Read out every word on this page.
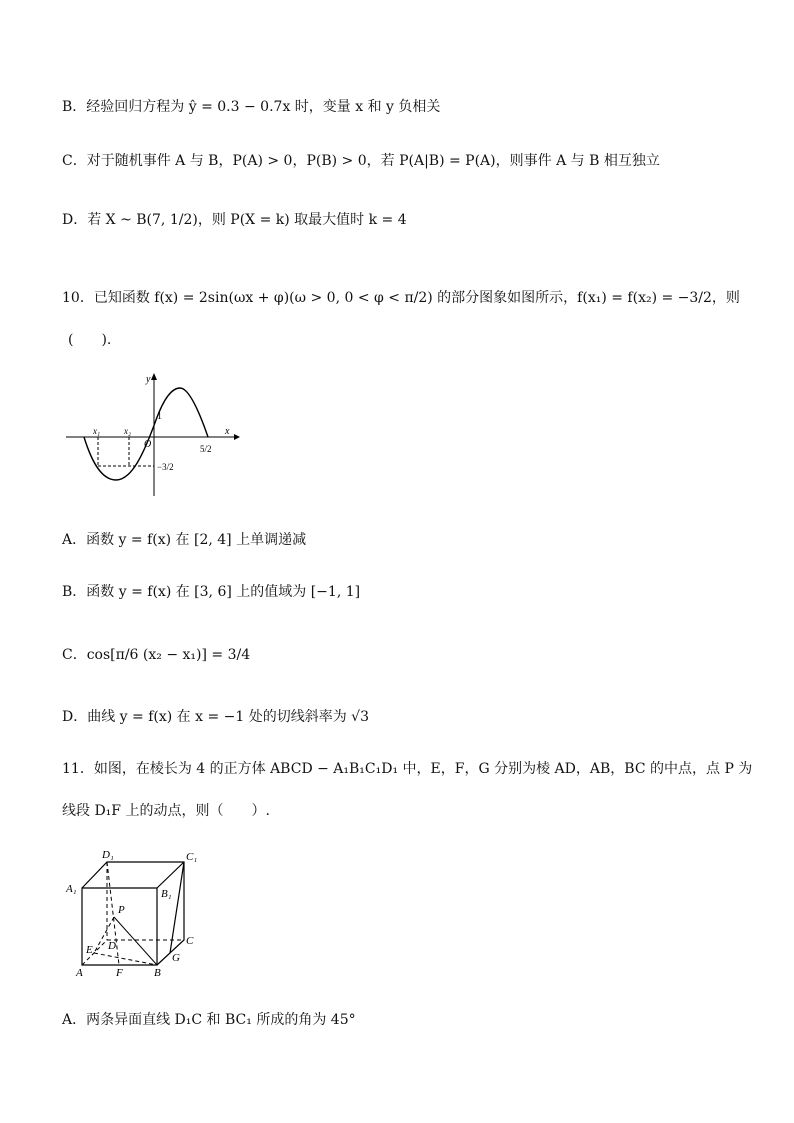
B．经验回归方程为 ŷ = 0.3 − 0.7x 时，变量 x 和 y 负相关
C．对于随机事件 A 与 B，P(A) > 0，P(B) > 0，若 P(A|B) = P(A)，则事件 A 与 B 相互独立
D．若 X ~ B(7, 1/2)，则 P(X = k) 取最大值时 k = 4
10．已知函数 f(x) = 2sin(ωx + φ)(ω > 0, 0 < φ < π/2) 的部分图象如图所示，f(x₁) = f(x₂) = −3/2，则
(　　).
y
x
O
1
x₁	x₂
5/2
−3/2
A．函数 y = f(x) 在 [2, 4] 上单调递减
B．函数 y = f(x) 在 [3, 6] 上的值域为 [−1, 1]
C．cos[π/6 (x₂ − x₁)] = 3/4
D．曲线 y = f(x) 在 x = −1 处的切线斜率为 √3
11．如图，在棱长为 4 的正方体 ABCD − A₁B₁C₁D₁ 中，E，F，G 分别为棱 AD，AB，BC 的中点，点 P 为
线段 D₁F 上的动点，则（　　）.
D₁	C₁
A₁	B₁
P
C
D
E
G
A	F	B
A．两条异面直线 D₁C 和 BC₁ 所成的角为 45°
